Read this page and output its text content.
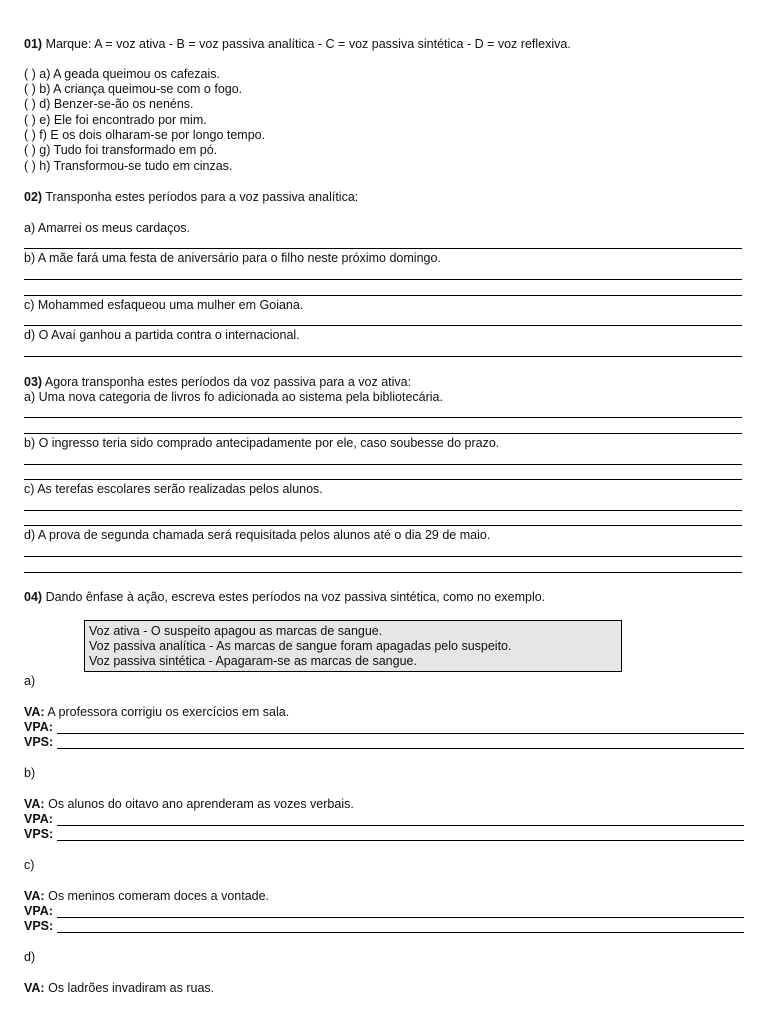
01) Marque: A = voz ativa - B = voz passiva analítica - C = voz passiva sintética - D = voz reflexiva.
( ) a) A geada queimou os cafezais.
( ) b) A criança queimou-se com o fogo.
( ) d) Benzer-se-ão os nenéns.
( ) e) Ele foi encontrado por mim.
( ) f) E os dois olharam-se por longo tempo.
( ) g) Tudo foi transformado em pó.
( ) h) Transformou-se tudo em cinzas.
02) Transponha estes períodos para a voz passiva analítica:
a) Amarrei os meus cardaços.
b) A mãe fará uma festa de aniversário para o filho neste próximo domingo.
c) Mohammed esfaqueou uma mulher em Goiana.
d) O Avaí ganhou a partida contra o internacional.
03) Agora transponha estes períodos da voz passiva para a voz ativa:
a) Uma nova categoria de livros fo adicionada ao sistema pela bibliotecária.
b) O ingresso teria sido comprado antecipadamente por ele, caso soubesse do prazo.
c) As terefas escolares serão realizadas pelos alunos.
d) A prova de segunda chamada será requisitada pelos alunos até o dia 29 de maio.
04) Dando ênfase à ação, escreva estes períodos na voz passiva sintética, como no exemplo.
Voz ativa - O suspeito apagou as marcas de sangue.
Voz passiva analítica - As marcas de sangue foram apagadas pelo suspeito.
Voz passiva sintética - Apagaram-se as marcas de sangue.
a)
VA: A professora corrigiu os exercícios em sala.
VPA:
VPS:
b)
VA: Os alunos do oitavo ano aprenderam as vozes verbais.
VPA:
VPS:
c)
VA: Os meninos comeram doces a vontade.
VPA:
VPS:
d)
VA: Os ladrões invadiram as ruas.
